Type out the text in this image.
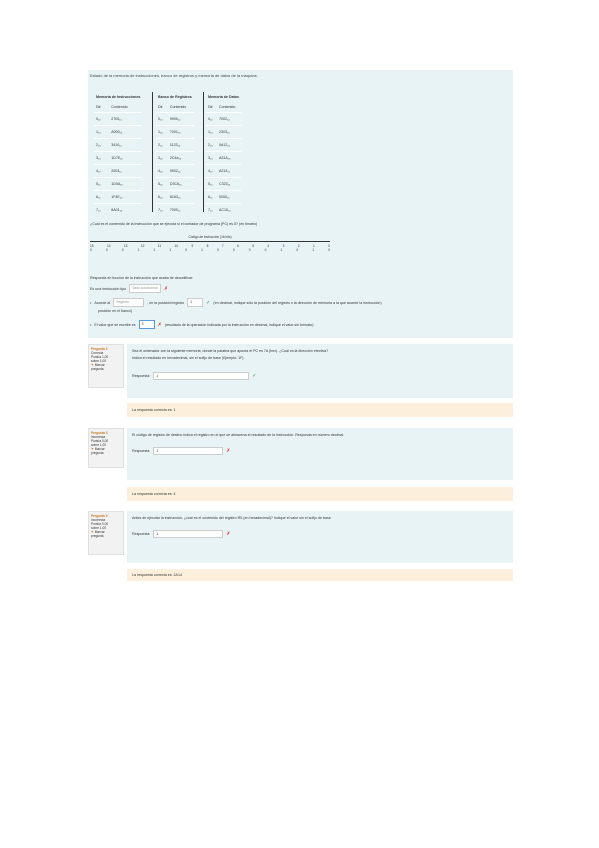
Estado de la memoria de instrucciones, banco de registros y memoria de datos de la máquina:
Memoria de Instrucciones	
Dir.	Contenido
0₁₆	2700₁₆
1₁₆	A000₁₆
2₁₆	3410₁₆
3₁₆	1D7E₁₆
4₁₆	2003₁₆
5₁₆	1D0A₁₆
6₁₆	1F4E₁₆
7₁₆	8A01₁₆
Banco de Registros	
Dir.	Contenido
0₁₆	9900₁₆
1₁₆	7001₁₆
2₁₆	1123₁₆
3₁₆	2C4a₁₆
4₁₆	9002₁₆
5₁₆	D3C6₁₆
6₁₆	8163₁₆
7₁₆	7000₁₆
Memoria de Datos	
Dir.	Contenido
0₁₆	7002₁₆
1₁₆	2303₁₆
2₁₆	0A12₁₆
3₁₆	A31A₁₆
4₁₆	A214₁₆
5₁₆	C323₁₆
6₁₆	0000₁₆
7₁₆	AC10₁₆
¿Cuál es el contenido de la instrucción que se ejecuta si el contador de programa (PC) es 5? (en binario)
Código de instrucción (16 bits)
15	14	13	12	11	10	9	8	7	6	5	4	3	2	1	0
0	0	0	1	1	1	0	1	0	0	0	0	1	0	1	0
Responda en función de la instrucción que acaba de decodificar:
Es una instrucción tipo	Salto condicional	✗
• Accede al	Registro	, en la posición/registro	1	✓ (en decimal, indique sólo la posición del registro o la dirección de memoria a la que accede la instrucción)
posición en el banco)
• El valor que se escribe es	3	✗ (resultado de la operación indicada por la instrucción en decimal, indique el valor sin formato)
Pregunta 2
Correcta
Puntúa 1,00
sobre 1,00
⚑ Marcar
pregunta
Sea el ordenador con la siguiente memoria, donde la palabra que apunta el PC es 7A (hex). ¿Cuál es la dirección efectiva?
Indica el resultado en hexadecimal, sin el sufijo de base (Ejemplo: 1F).
Respuesta:	1	✓
La respuesta correcta es: 1
Pregunta 3
Incorrecta
Puntúa 0,00
sobre 1,00
⚑ Marcar
pregunta
El código de registro de destino indica el registro en el que se almacena el resultado de la instrucción. Responda en número decimal.
Respuesta:	1	✗
La respuesta correcta es: 4
Pregunta 4
Incorrecta
Puntúa 0,00
sobre 1,00
⚑ Marcar
pregunta
Antes de ejecutar la instrucción, ¿cuál es el contenido del registro R5 (en hexadecimal)? Indique el valor sin el sufijo de base.
Respuesta:	1	✗
La respuesta correcta es: 2A14
